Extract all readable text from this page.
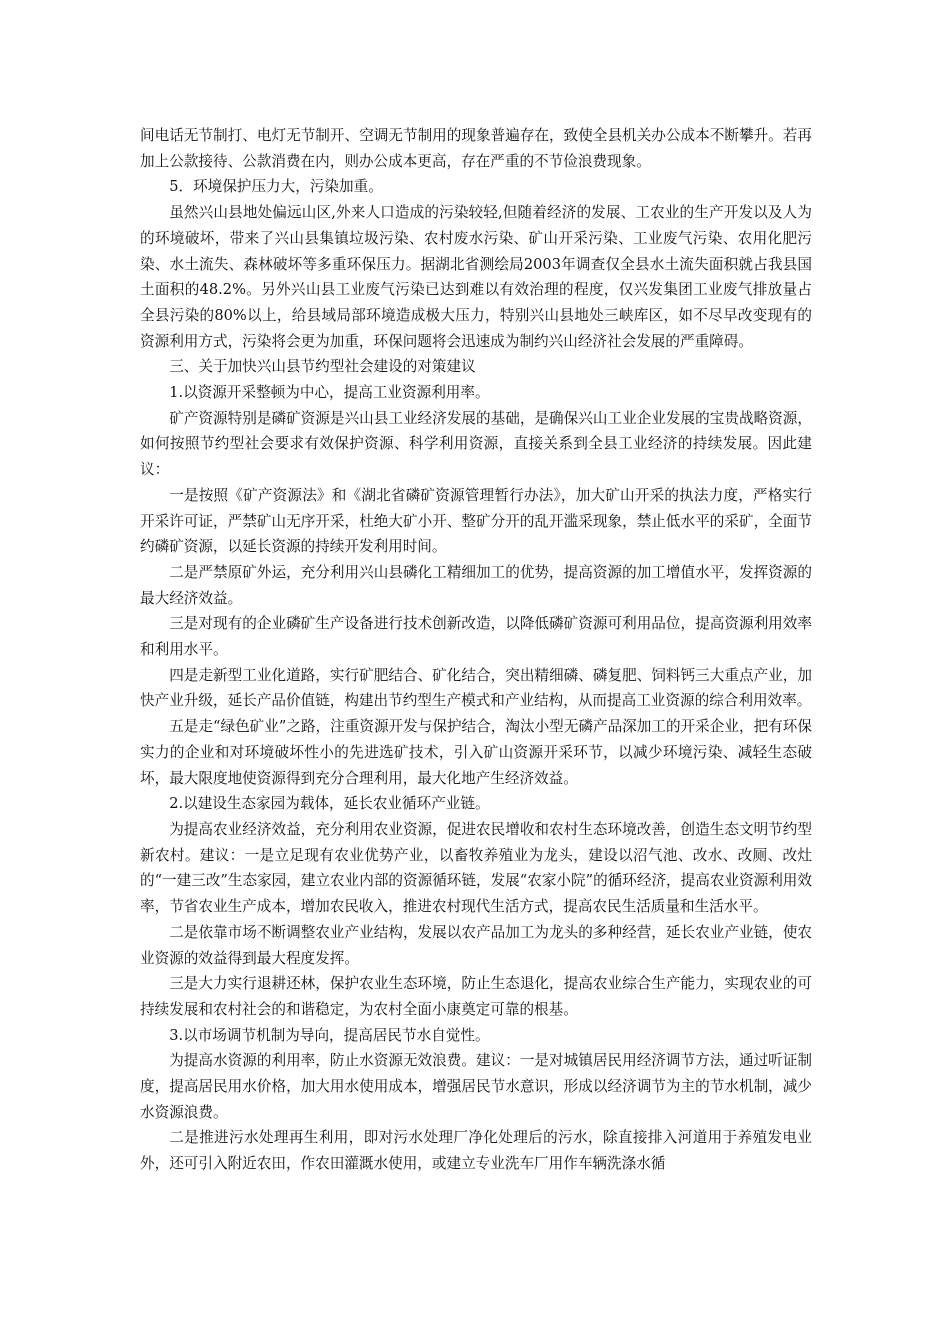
间电话无节制打、电灯无节制开、空调无节制用的现象普遍存在，致使全县机关办公成本不断攀升。若再加上公款接待、公款消费在内，则办公成本更高，存在严重的不节俭浪费现象。

5．环境保护压力大，污染加重。

虽然兴山县地处偏远山区,外来人口造成的污染较轻,但随着经济的发展、工农业的生产开发以及人为的环境破坏，带来了兴山县集镇垃圾污染、农村废水污染、矿山开采污染、工业废气污染、农用化肥污染、水土流失、森林破坏等多重环保压力。据湖北省测绘局2003年调查仅全县水土流失面积就占我县国土面积的48.2%。另外兴山县工业废气污染已达到难以有效治理的程度，仅兴发集团工业废气排放量占全县污染的80%以上，给县域局部环境造成极大压力，特别兴山县地处三峡库区，如不尽早改变现有的资源利用方式，污染将会更为加重，环保问题将会迅速成为制约兴山经济社会发展的严重障碍。

三、关于加快兴山县节约型社会建设的对策建议

1.以资源开采整顿为中心，提高工业资源利用率。

矿产资源特别是磷矿资源是兴山县工业经济发展的基础，是确保兴山工业企业发展的宝贵战略资源，如何按照节约型社会要求有效保护资源、科学利用资源，直接关系到全县工业经济的持续发展。因此建议：

一是按照《矿产资源法》和《湖北省磷矿资源管理暂行办法》，加大矿山开采的执法力度，严格实行开采许可证，严禁矿山无序开采，杜绝大矿小开、整矿分开的乱开滥采现象，禁止低水平的采矿，全面节约磷矿资源，以延长资源的持续开发利用时间。

二是严禁原矿外运，充分利用兴山县磷化工精细加工的优势，提高资源的加工增值水平，发挥资源的最大经济效益。

三是对现有的企业磷矿生产设备进行技术创新改造，以降低磷矿资源可利用品位，提高资源利用效率和利用水平。

四是走新型工业化道路，实行矿肥结合、矿化结合，突出精细磷、磷复肥、饲料钙三大重点产业，加快产业升级，延长产品价值链，构建出节约型生产模式和产业结构，从而提高工业资源的综合利用效率。

五是走“绿色矿业”之路，注重资源开发与保护结合，淘汰小型无磷产品深加工的开采企业，把有环保实力的企业和对环境破坏性小的先进选矿技术，引入矿山资源开采环节，以减少环境污染、减轻生态破坏，最大限度地使资源得到充分合理利用，最大化地产生经济效益。

2.以建设生态家园为载体，延长农业循环产业链。

为提高农业经济效益，充分利用农业资源，促进农民增收和农村生态环境改善，创造生态文明节约型新农村。建议：一是立足现有农业优势产业，以畜牧养殖业为龙头，建设以沼气池、改水、改厕、改灶的“一建三改”生态家园，建立农业内部的资源循环链，发展“农家小院”的循环经济，提高农业资源利用效率，节省农业生产成本，增加农民收入，推进农村现代生活方式，提高农民生活质量和生活水平。

二是依靠市场不断调整农业产业结构，发展以农产品加工为龙头的多种经营，延长农业产业链，使农业资源的效益得到最大程度发挥。

三是大力实行退耕还林，保护农业生态环境，防止生态退化，提高农业综合生产能力，实现农业的可持续发展和农村社会的和谐稳定，为农村全面小康奠定可靠的根基。

3.以市场调节机制为导向，提高居民节水自觉性。

为提高水资源的利用率，防止水资源无效浪费。建议：一是对城镇居民用经济调节方法，通过听证制度，提高居民用水价格，加大用水使用成本，增强居民节水意识，形成以经济调节为主的节水机制，减少水资源浪费。

二是推进污水处理再生利用，即对污水处理厂净化处理后的污水，除直接排入河道用于养殖发电业外，还可引入附近农田，作农田灌溉水使用，或建立专业洗车厂用作车辆洗涤水循
